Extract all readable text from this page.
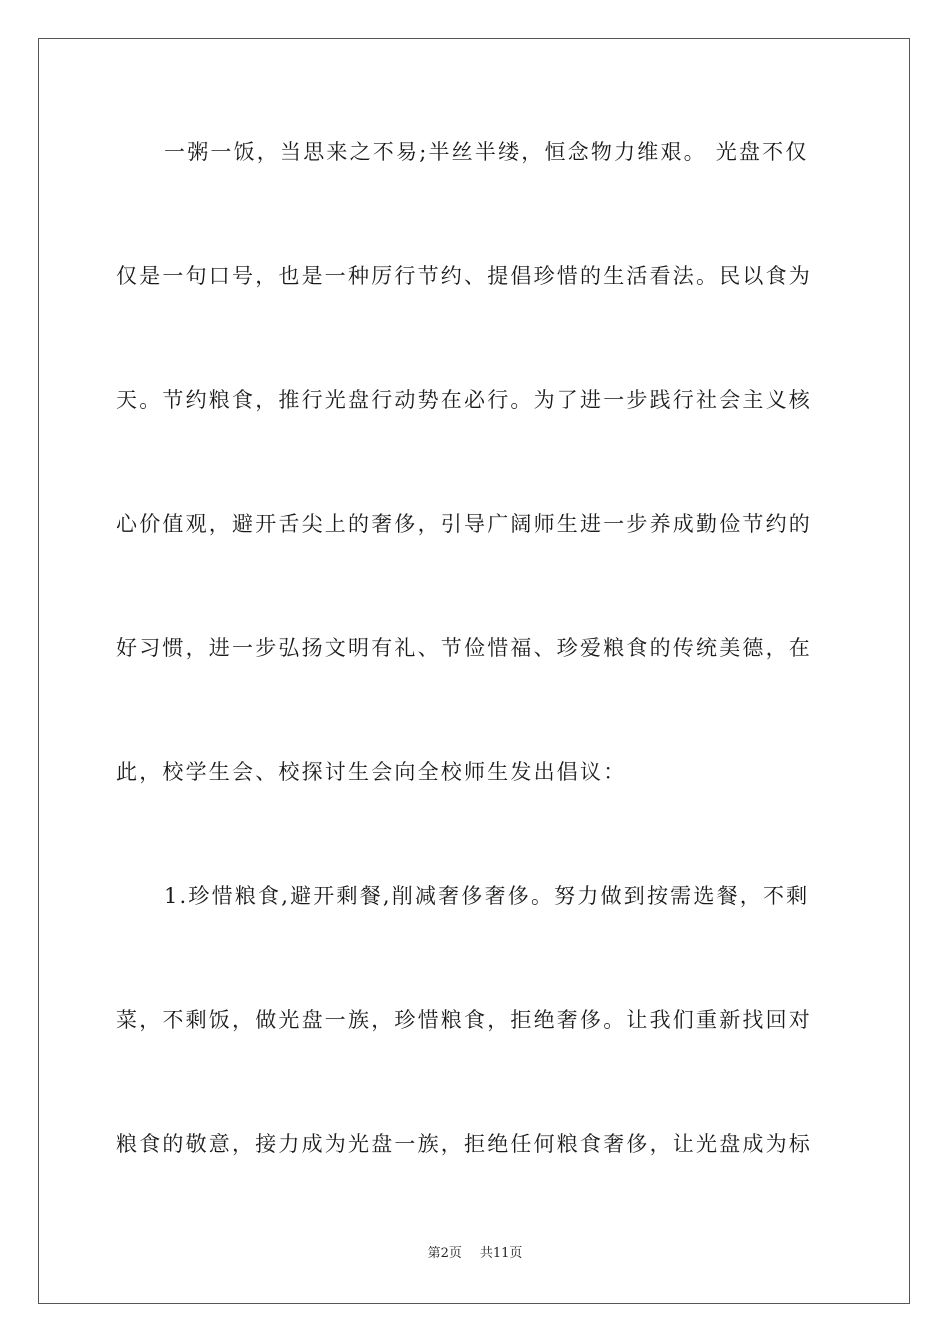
一粥一饭，当思来之不易;半丝半缕，恒念物力维艰。 光盘不仅
仅是一句口号，也是一种厉行节约、提倡珍惜的生活看法。民以食为
天。节约粮食，推行光盘行动势在必行。为了进一步践行社会主义核
心价值观，避开舌尖上的奢侈，引导广阔师生进一步养成勤俭节约的
好习惯，进一步弘扬文明有礼、节俭惜福、珍爱粮食的传统美德，在
此，校学生会、校探讨生会向全校师生发出倡议：
1.珍惜粮食,避开剩餐,削减奢侈奢侈。努力做到按需选餐，不剩
菜，不剩饭，做光盘一族，珍惜粮食，拒绝奢侈。让我们重新找回对
粮食的敬意，接力成为光盘一族，拒绝任何粮食奢侈，让光盘成为标
第2页 共11页
